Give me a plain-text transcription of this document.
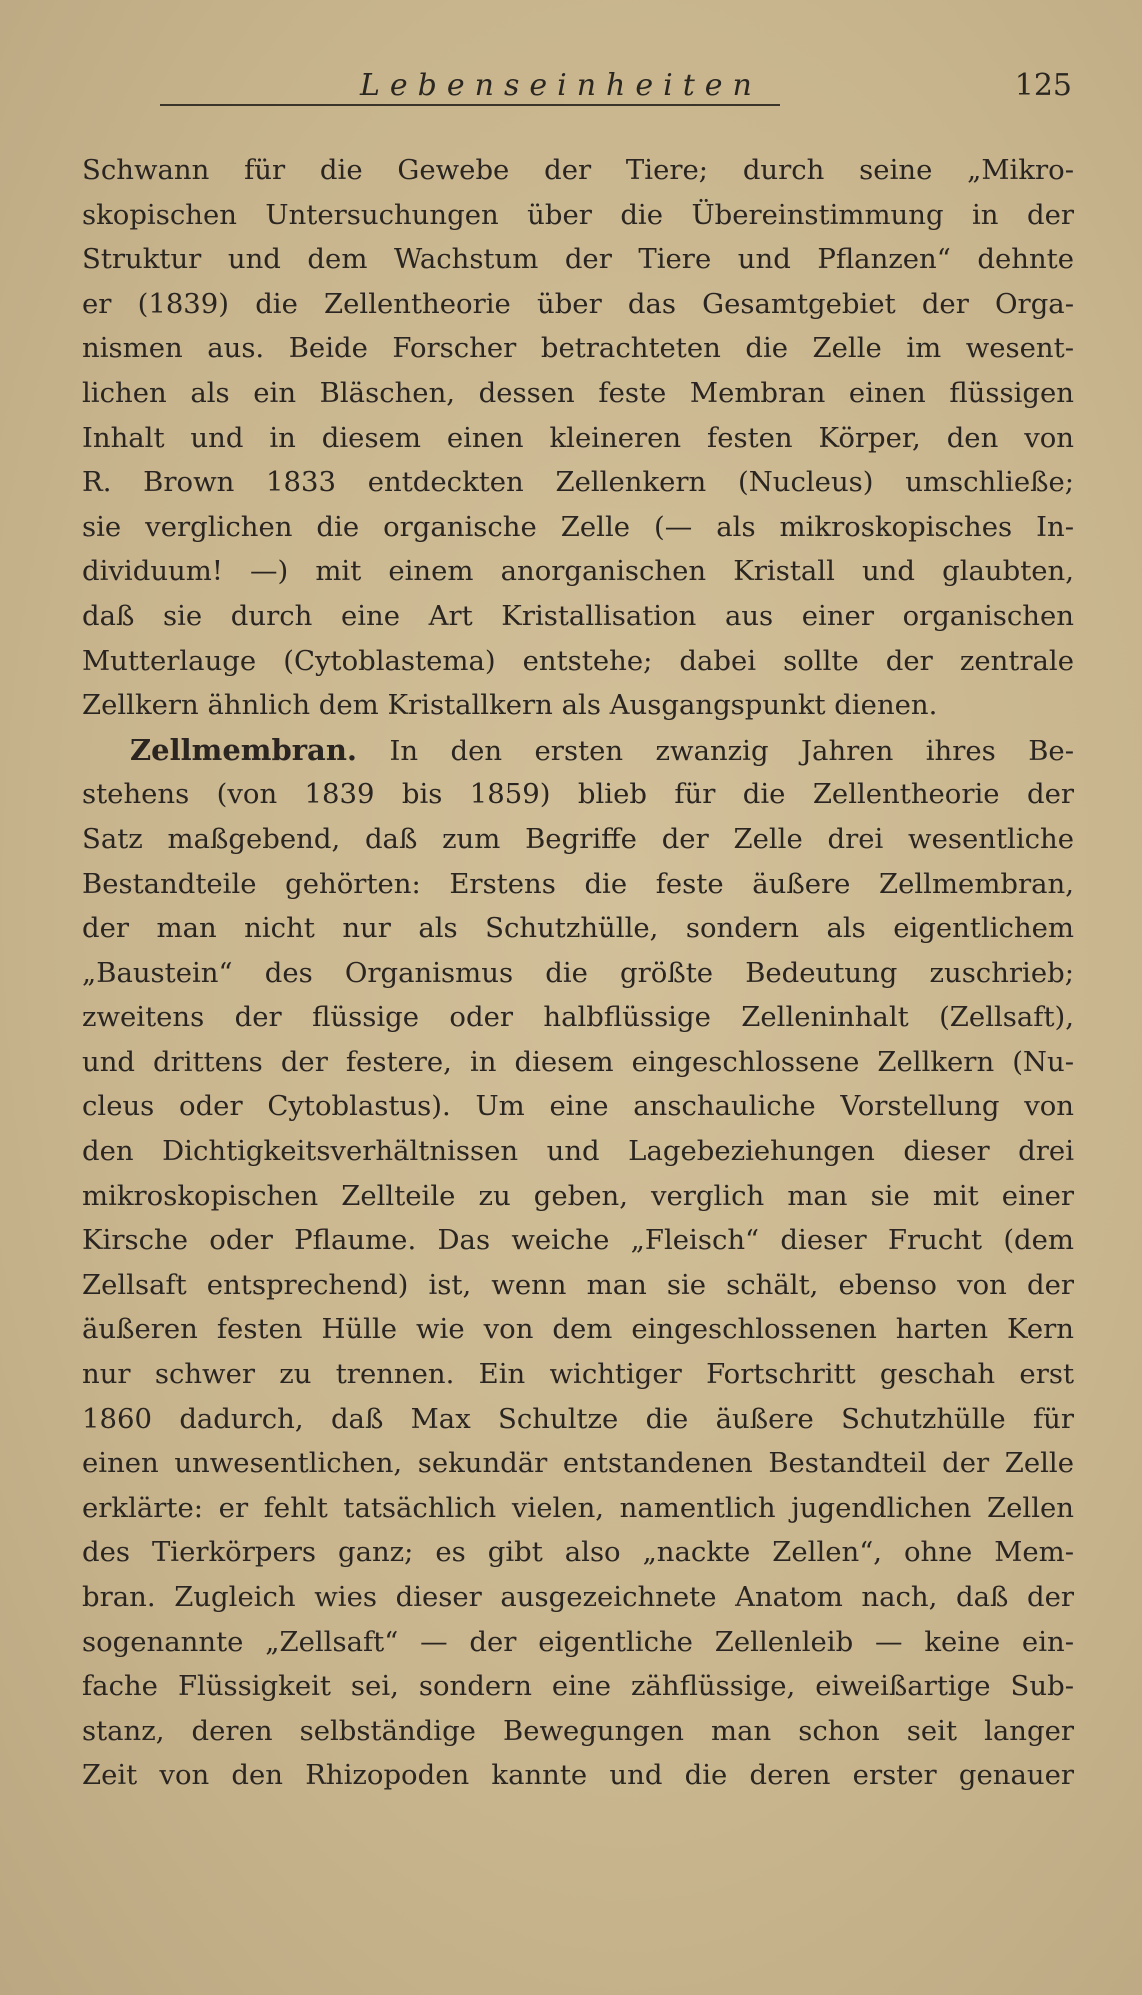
Lebenseinheiten	125
Schwann für die Gewebe der Tiere; durch seine „Mikro-
skopischen Untersuchungen über die Übereinstimmung in der
Struktur und dem Wachstum der Tiere und Pflanzen“ dehnte
er (1839) die Zellentheorie über das Gesamtgebiet der Orga-
nismen aus. Beide Forscher betrachteten die Zelle im wesent-
lichen als ein Bläschen, dessen feste Membran einen flüssigen
Inhalt und in diesem einen kleineren festen Körper, den von
R. Brown 1833 entdeckten Zellenkern (Nucleus) umschließe;
sie verglichen die organische Zelle (— als mikroskopisches In-
dividuum! —) mit einem anorganischen Kristall und glaubten,
daß sie durch eine Art Kristallisation aus einer organischen
Mutterlauge (Cytoblastema) entstehe; dabei sollte der zentrale
Zellkern ähnlich dem Kristallkern als Ausgangspunkt dienen.
Zellmembran. In den ersten zwanzig Jahren ihres Be-
stehens (von 1839 bis 1859) blieb für die Zellentheorie der
Satz maßgebend, daß zum Begriffe der Zelle drei wesentliche
Bestandteile gehörten: Erstens die feste äußere Zellmembran,
der man nicht nur als Schutzhülle, sondern als eigentlichem
„Baustein“ des Organismus die größte Bedeutung zuschrieb;
zweitens der flüssige oder halbflüssige Zelleninhalt (Zellsaft),
und drittens der festere, in diesem eingeschlossene Zellkern (Nu-
cleus oder Cytoblastus). Um eine anschauliche Vorstellung von
den Dichtigkeitsverhältnissen und Lagebeziehungen dieser drei
mikroskopischen Zellteile zu geben, verglich man sie mit einer
Kirsche oder Pflaume. Das weiche „Fleisch“ dieser Frucht (dem
Zellsaft entsprechend) ist, wenn man sie schält, ebenso von der
äußeren festen Hülle wie von dem eingeschlossenen harten Kern
nur schwer zu trennen. Ein wichtiger Fortschritt geschah erst
1860 dadurch, daß Max Schultze die äußere Schutzhülle für
einen unwesentlichen, sekundär entstandenen Bestandteil der Zelle
erklärte: er fehlt tatsächlich vielen, namentlich jugendlichen Zellen
des Tierkörpers ganz; es gibt also „nackte Zellen“, ohne Mem-
bran. Zugleich wies dieser ausgezeichnete Anatom nach, daß der
sogenannte „Zellsaft“ — der eigentliche Zellenleib — keine ein-
fache Flüssigkeit sei, sondern eine zähflüssige, eiweißartige Sub-
stanz, deren selbständige Bewegungen man schon seit langer
Zeit von den Rhizopoden kannte und die deren erster genauer
